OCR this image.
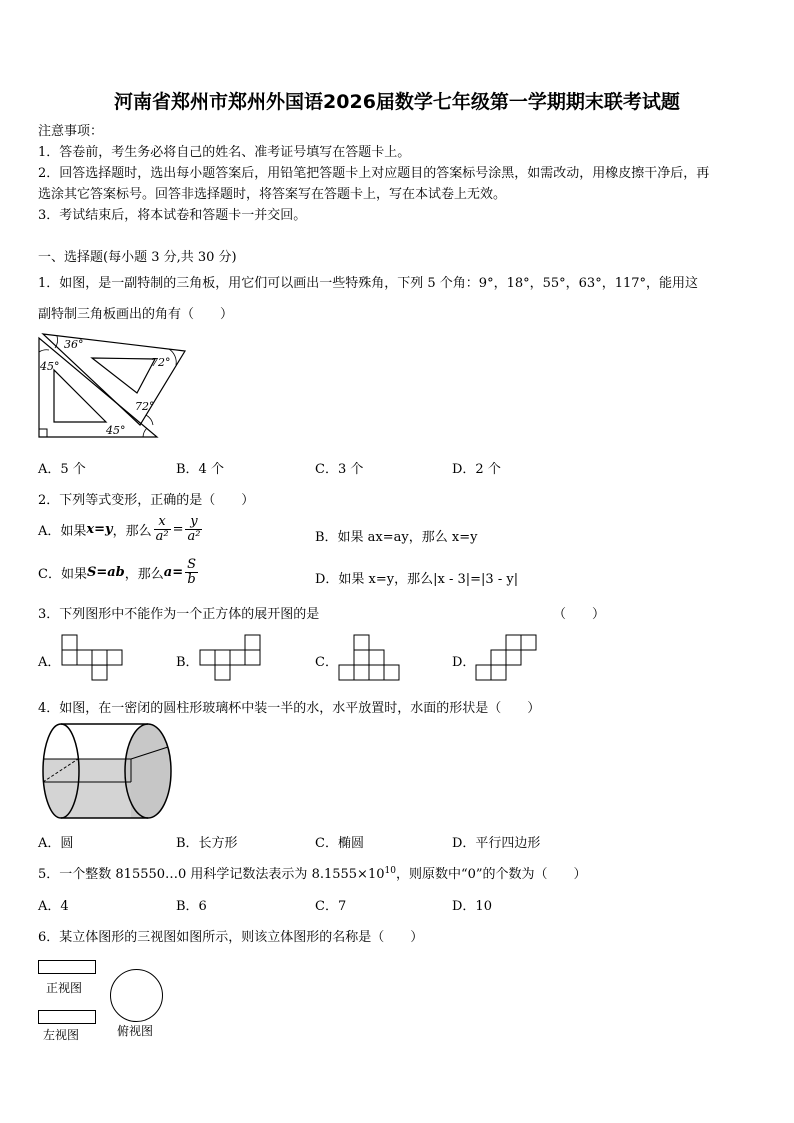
河南省郑州市郑州外国语2026届数学七年级第一学期期末联考试题
注意事项：
1．答卷前，考生务必将自己的姓名、准考证号填写在答题卡上。
2．回答选择题时，选出每小题答案后，用铅笔把答题卡上对应题目的答案标号涂黑，如需改动，用橡皮擦干净后，再
选涂其它答案标号。回答非选择题时，将答案写在答题卡上，写在本试卷上无效。
3．考试结束后，将本试卷和答题卡一并交回。
一、选择题(每小题 3 分,共 30 分)
1．如图，是一副特制的三角板，用它们可以画出一些特殊角，下列 5 个角：9°，18°，55°，63°，117°，能用这
副特制三角板画出的角有（　　）
36°
72°
45°
72°
45°
A．5 个	B．4 个	C．3 个	D．2 个
2．下列等式变形，正确的是（　　）
A．如果 x=y ，那么 $\frac{x}{\text{a²}} = \frac{y}{\text{a²}}$	B．如果 ax=ay，那么 x=y
C．如果 S=ab ，那么 $a= \frac{S}{b}$	D．如果 x=y，那么|x - 3|=|3 - y|
3．下列图形中不能作为一个正方体的展开图的是	（　　）
A．	B．	C．	D．
4．如图，在一密闭的圆柱形玻璃杯中装一半的水，水平放置时，水面的形状是（　　）
A．圆	B．长方形	C．椭圆	D．平行四边形
5．一个整数 815550…0 用科学记数法表示为 $8.1555\times 10^{10}$，则原数中“0”的个数为（　　）
A．4	B．6	C．7	D．10
6．某立体图形的三视图如图所示，则该立体图形的名称是（　　）
正视图
左视图	俯视图
